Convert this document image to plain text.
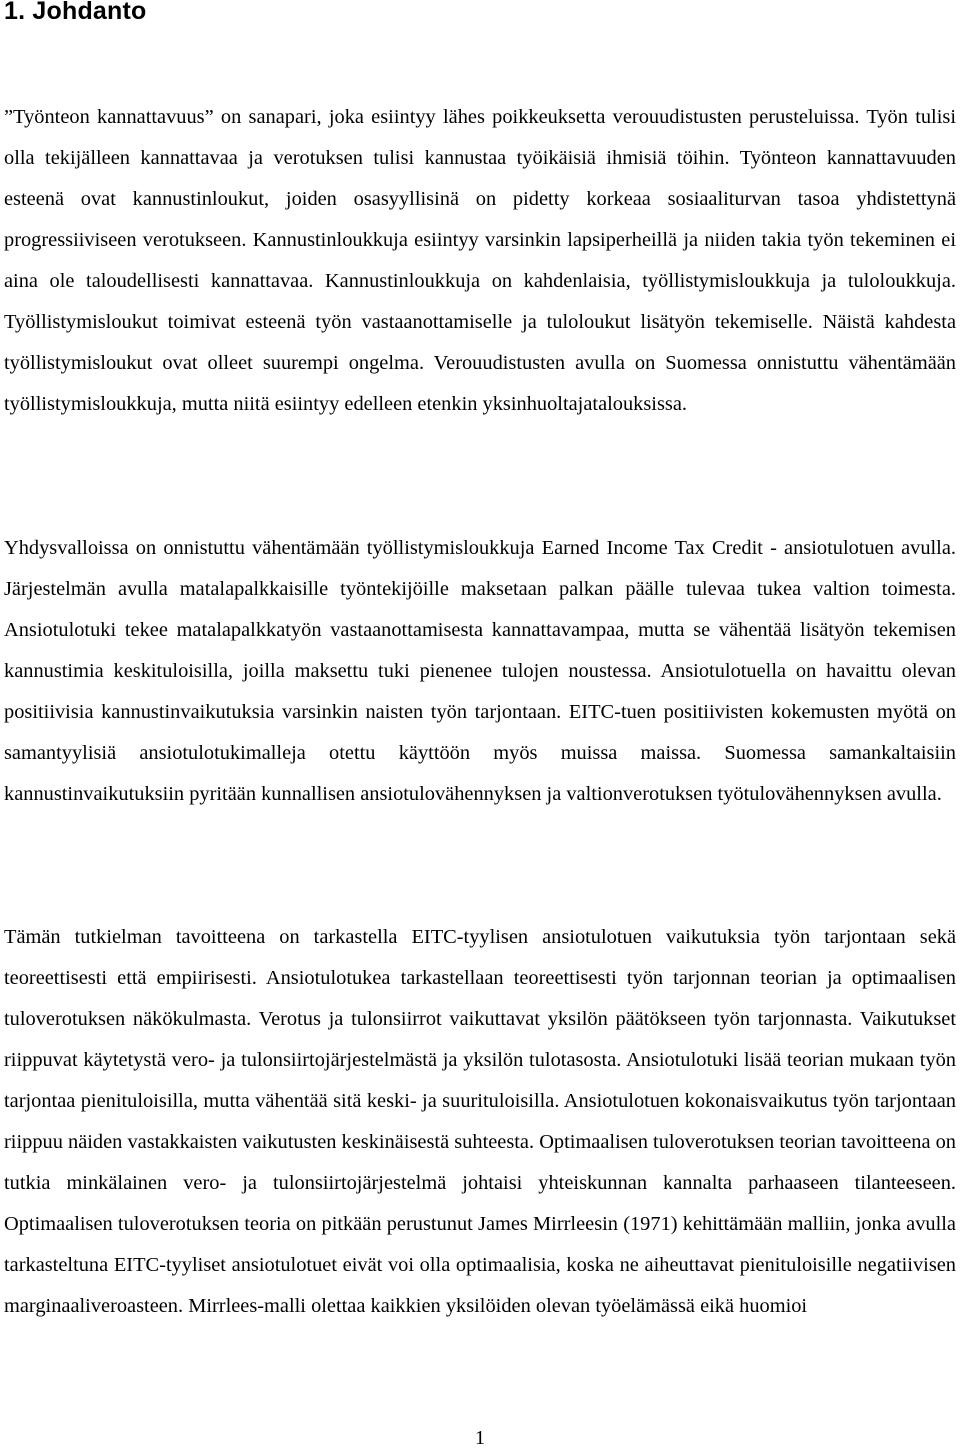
1. Johdanto

”Työnteon kannattavuus” on sanapari, joka esiintyy lähes poikkeuksetta verouudistusten perusteluissa. Työn tulisi olla tekijälleen kannattavaa ja verotuksen tulisi kannustaa työikäisiä ihmisiä töihin. Työnteon kannattavuuden esteenä ovat kannustinloukut, joiden osasyyllisinä on pidetty korkeaa sosiaaliturvan tasoa yhdistettynä progressiiviseen verotukseen. Kannustinloukkuja esiintyy varsinkin lapsiperheillä ja niiden takia työn tekeminen ei aina ole taloudellisesti kannattavaa. Kannustinloukkuja on kahdenlaisia, työllistymisloukkuja ja tuloloukkuja. Työllistymisloukut toimivat esteenä työn vastaanottamiselle ja tuloloukut lisätyön tekemiselle. Näistä kahdesta työllistymisloukut ovat olleet suurempi ongelma. Verouudistusten avulla on Suomessa onnistuttu vähentämään työllistymisloukkuja, mutta niitä esiintyy edelleen etenkin yksinhuoltajatalouksissa.

Yhdysvalloissa on onnistuttu vähentämään työllistymisloukkuja Earned Income Tax Credit - ansiotulotuen avulla. Järjestelmän avulla matalapalkkaisille työntekijöille maksetaan palkan päälle tulevaa tukea valtion toimesta. Ansiotulotuki tekee matalapalkkatyön vastaanottamisesta kannattavampaa, mutta se vähentää lisätyön tekemisen kannustimia keskituloisilla, joilla maksettu tuki pienenee tulojen noustessa. Ansiotulotuella on havaittu olevan positiivisia kannustinvaikutuksia varsinkin naisten työn tarjontaan. EITC-tuen positiivisten kokemusten myötä on samantyylisiä ansiotulotukimalleja otettu käyttöön myös muissa maissa. Suomessa samankaltaisiin kannustinvaikutuksiin pyritään kunnallisen ansiotulovähennyksen ja valtionverotuksen työtulovähennyksen avulla.

Tämän tutkielman tavoitteena on tarkastella EITC-tyylisen ansiotulotuen vaikutuksia työn tarjontaan sekä teoreettisesti että empiirisesti. Ansiotulotukea tarkastellaan teoreettisesti työn tarjonnan teorian ja optimaalisen tuloverotuksen näkökulmasta. Verotus ja tulonsiirrot vaikuttavat yksilön päätökseen työn tarjonnasta. Vaikutukset riippuvat käytetystä vero- ja tulonsiirtojärjestelmästä ja yksilön tulotasosta. Ansiotulotuki lisää teorian mukaan työn tarjontaa pienituloisilla, mutta vähentää sitä keski- ja suurituloisilla. Ansiotulotuen kokonaisvaikutus työn tarjontaan riippuu näiden vastakkaisten vaikutusten keskinäisestä suhteesta. Optimaalisen tuloverotuksen teorian tavoitteena on tutkia minkälainen vero- ja tulonsiirtojärjestelmä johtaisi yhteiskunnan kannalta parhaaseen tilanteeseen. Optimaalisen tuloverotuksen teoria on pitkään perustunut James Mirrleesin (1971) kehittämään malliin, jonka avulla tarkasteltuna EITC-tyyliset ansiotulotuet eivät voi olla optimaalisia, koska ne aiheuttavat pienituloisille negatiivisen marginaaliveroasteen. Mirrlees-malli olettaa kaikkien yksilöiden olevan työelämässä eikä huomioi

1
